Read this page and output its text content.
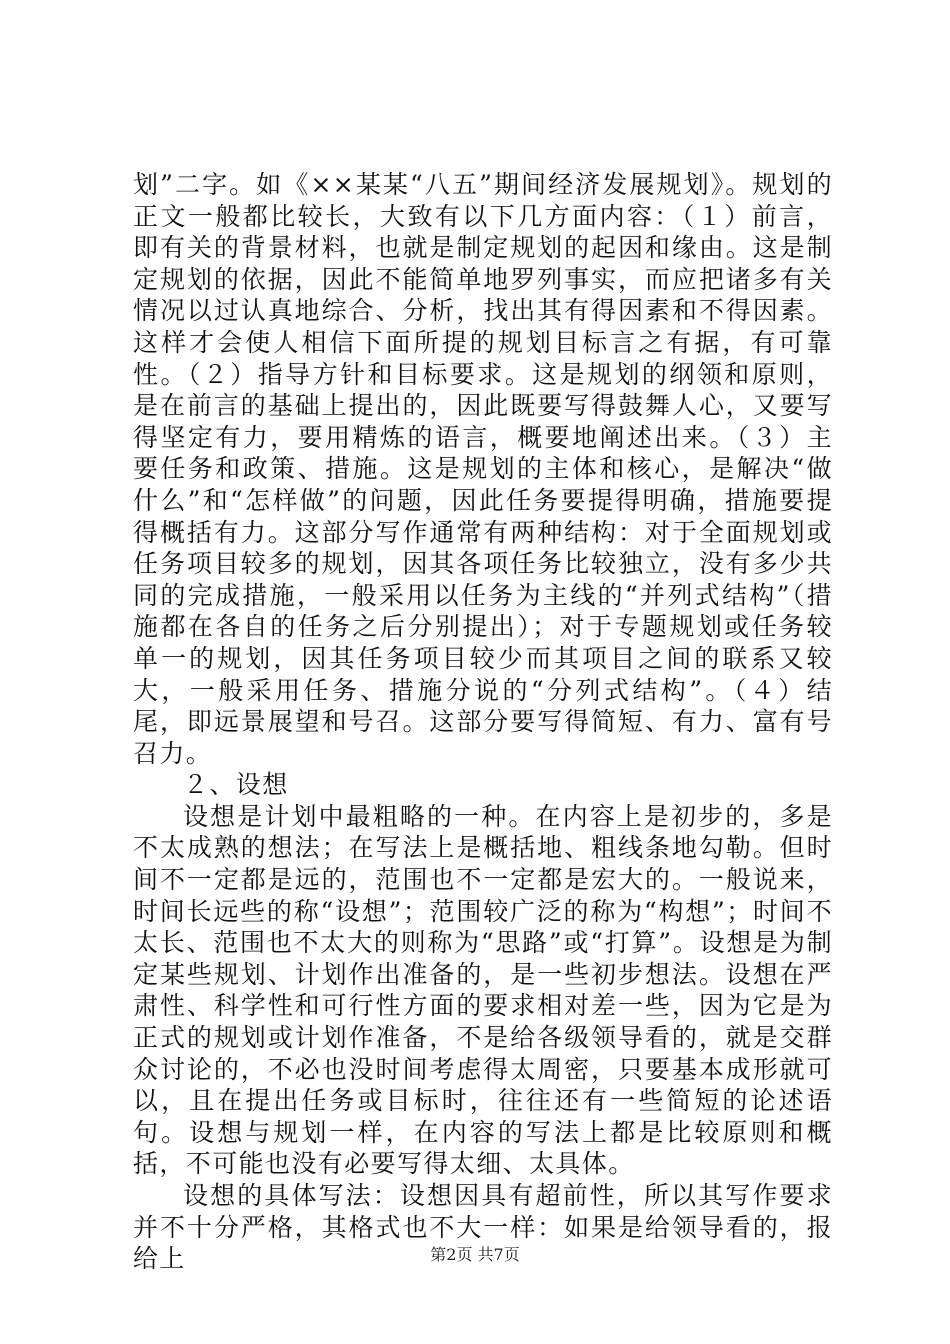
划”二字。如《××某某“八五”期间经济发展规划》。规划的正文一般都比较长，大致有以下几方面内容：（１）前言，即有关的背景材料，也就是制定规划的起因和缘由。这是制定规划的依据，因此不能简单地罗列事实，而应把诸多有关情况以过认真地综合、分析，找出其有得因素和不得因素。这样才会使人相信下面所提的规划目标言之有据，有可靠性。（２）指导方针和目标要求。这是规划的纲领和原则，是在前言的基础上提出的，因此既要写得鼓舞人心，又要写得坚定有力，要用精炼的语言，概要地阐述出来。（３）主要任务和政策、措施。这是规划的主体和核心，是解决“做什么”和“怎样做”的问题，因此任务要提得明确，措施要提得概括有力。这部分写作通常有两种结构：对于全面规划或任务项目较多的规划，因其各项任务比较独立，没有多少共同的完成措施，一般采用以任务为主线的“并列式结构”（措施都在各自的任务之后分别提出）；对于专题规划或任务较单一的规划，因其任务项目较少而其项目之间的联系又较大，一般采用任务、措施分说的“分列式结构”。（４）结尾，即远景展望和号召。这部分要写得简短、有力、富有号召力。

２、设想

设想是计划中最粗略的一种。在内容上是初步的，多是不太成熟的想法；在写法上是概括地、粗线条地勾勒。但时间不一定都是远的，范围也不一定都是宏大的。一般说来，时间长远些的称“设想”；范围较广泛的称为“构想”；时间不太长、范围也不太大的则称为“思路”或“打算”。设想是为制定某些规划、计划作出准备的，是一些初步想法。设想在严肃性、科学性和可行性方面的要求相对差一些，因为它是为正式的规划或计划作准备，不是给各级领导看的，就是交群众讨论的，不必也没时间考虑得太周密，只要基本成形就可以，且在提出任务或目标时，往往还有一些简短的论述语句。设想与规划一样，在内容的写法上都是比较原则和概括，不可能也没有必要写得太细、太具体。

设想的具体写法：设想因具有超前性，所以其写作要求并不十分严格，其格式也不大一样：如果是给领导看的，报给上	第2页 共7页
